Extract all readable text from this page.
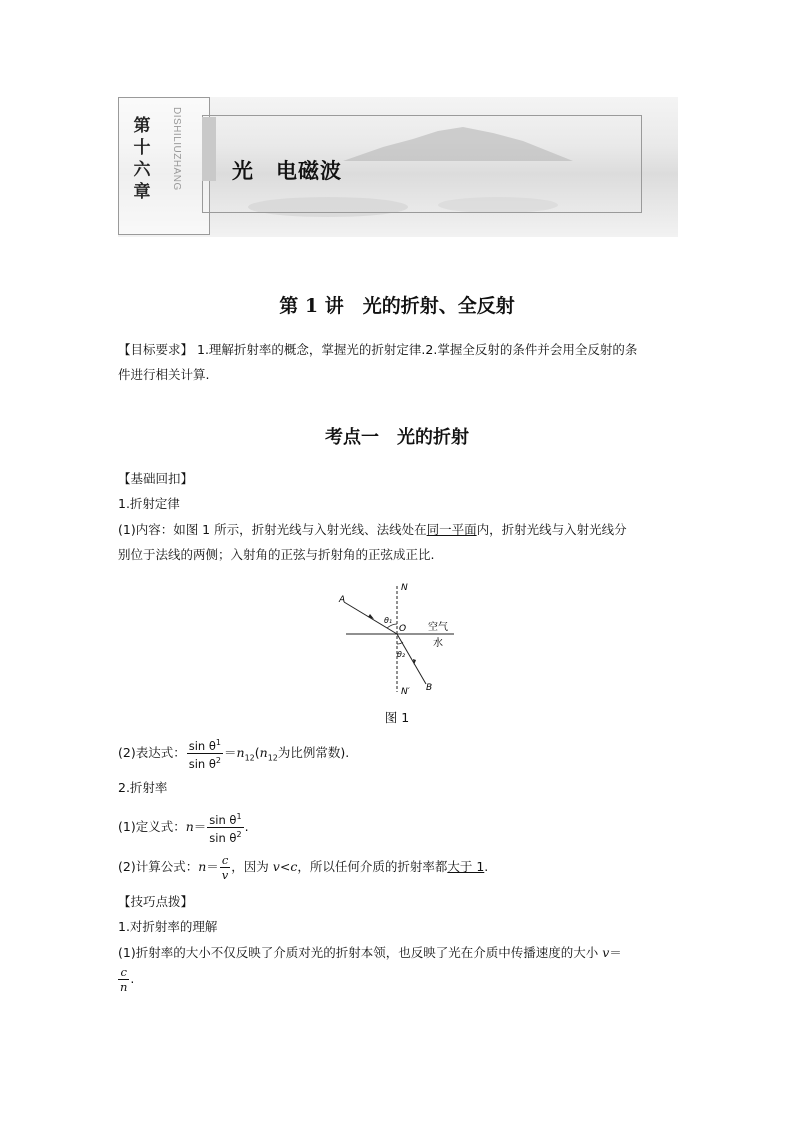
第十六章
DISHILIUZHANG 光　电磁波
第 1 讲　光的折射、全反射
【目标要求】 1.理解折射率的概念，掌握光的折射定律.2.掌握全反射的条件并会用全反射的条
件进行相关计算.
考点一　光的折射
【基础回扣】
1.折射定律
(1)内容：如图 1 所示，折射光线与入射光线、法线处在同一平面内，折射光线与入射光线分
别位于法线的两侧；入射角的正弦与折射角的正弦成正比.
N
N′
A
B
O
θ₁
θ₂
空气
水
图 1
(2)表达式： $\frac{\sin \theta^1}{\sin \theta^2} =n_{12}(n_{12}$为比例常数).
2.折射率
(1)定义式：$n= \frac{\sin \theta^1}{\sin \theta^2}$ .
(2)计算公式：$n= \frac{c}{v}$ ，因为 v<c，所以任何介质的折射率都大于 1.
【技巧点拨】
1.对折射率的理解
(1)折射率的大小不仅反映了介质对光的折射本领，也反映了光在介质中传播速度的大小 v＝
$\frac{c}{n}$ .
